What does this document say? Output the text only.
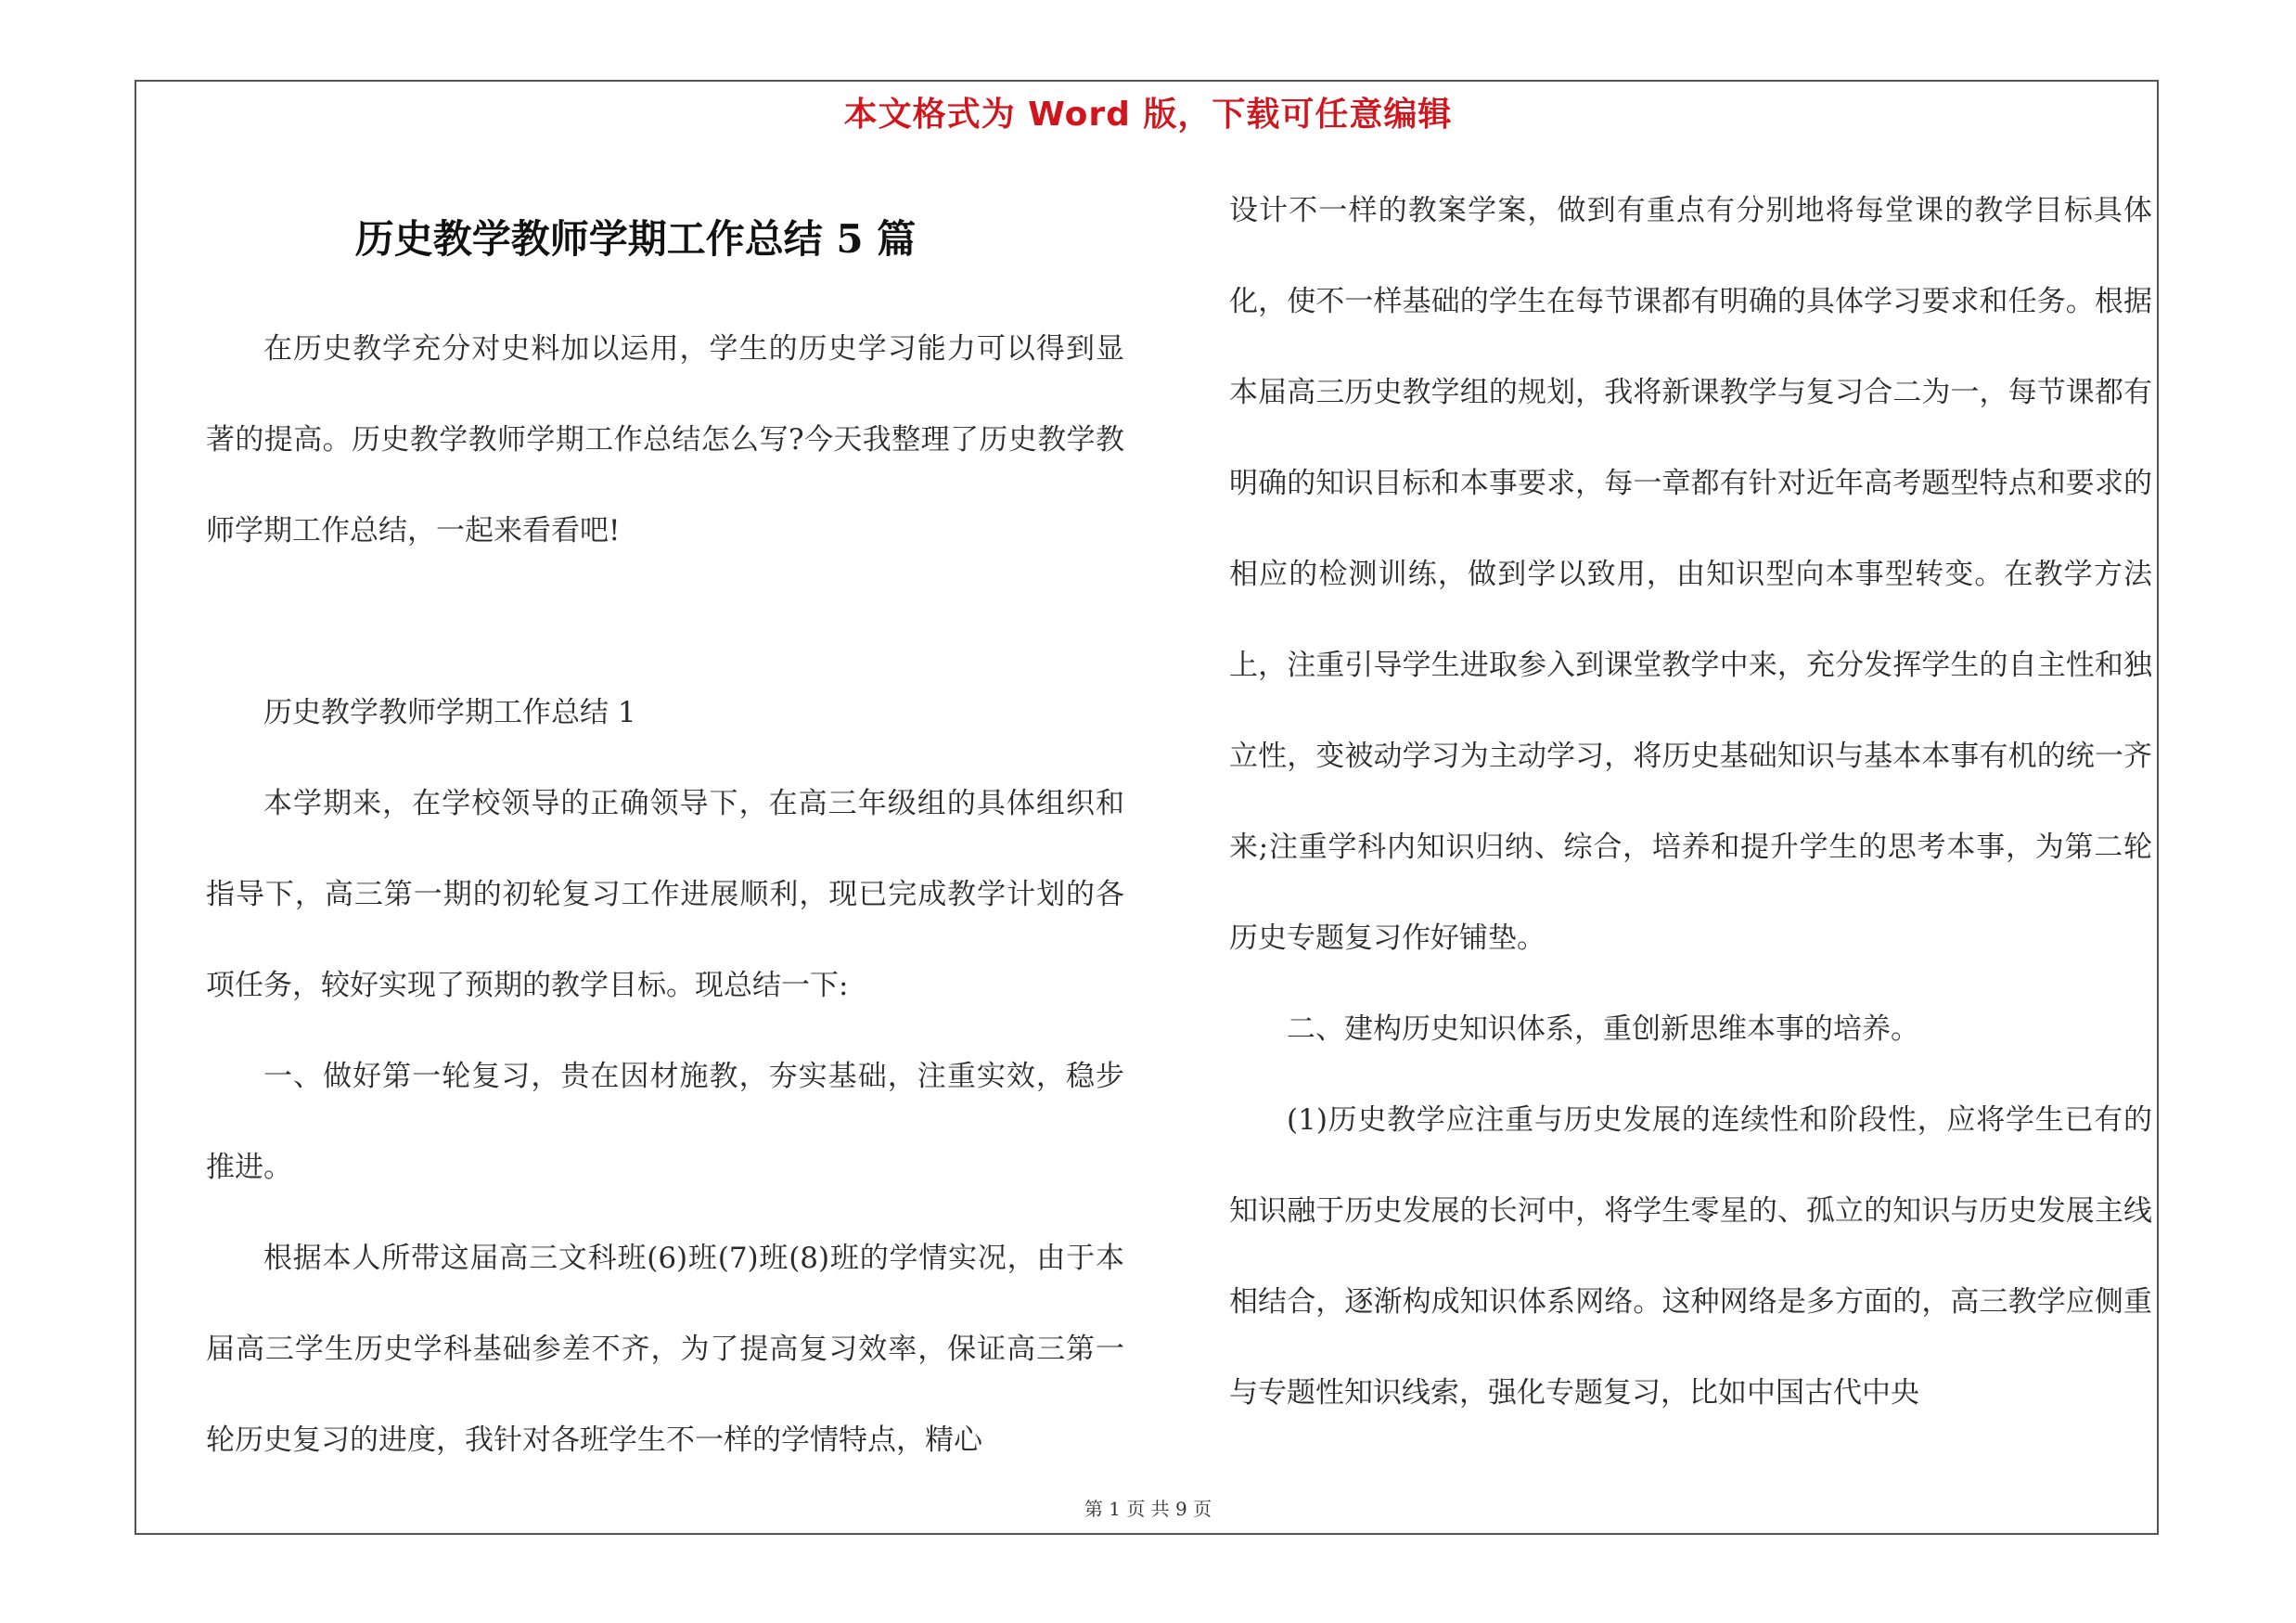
本文格式为 Word 版，下载可任意编辑
历史教学教师学期工作总结 5 篇

在历史教学充分对史料加以运用，学生的历史学习能力可以得到显著的提高。历史教学教师学期工作总结怎么写?今天我整理了历史教学教师学期工作总结，一起来看看吧!

历史教学教师学期工作总结 1

本学期来，在学校领导的正确领导下，在高三年级组的具体组织和指导下，高三第一期的初轮复习工作进展顺利，现已完成教学计划的各项任务，较好实现了预期的教学目标。现总结一下:

一、做好第一轮复习，贵在因材施教，夯实基础，注重实效，稳步推进。

根据本人所带这届高三文科班(6)班(7)班(8)班的学情实况，由于本届高三学生历史学科基础参差不齐，为了提高复习效率，保证高三第一轮历史复习的进度，我针对各班学生不一样的学情特点，精心

设计不一样的教案学案，做到有重点有分别地将每堂课的教学目标具体化，使不一样基础的学生在每节课都有明确的具体学习要求和任务。根据本届高三历史教学组的规划，我将新课教学与复习合二为一，每节课都有明确的知识目标和本事要求，每一章都有针对近年高考题型特点和要求的相应的检测训练，做到学以致用，由知识型向本事型转变。在教学方法上，注重引导学生进取参入到课堂教学中来，充分发挥学生的自主性和独立性，变被动学习为主动学习，将历史基础知识与基本本事有机的统一齐来;注重学科内知识归纳、综合，培养和提升学生的思考本事，为第二轮历史专题复习作好铺垫。

二、建构历史知识体系，重创新思维本事的培养。

(1)历史教学应注重与历史发展的连续性和阶段性，应将学生已有的知识融于历史发展的长河中，将学生零星的、孤立的知识与历史发展主线相结合，逐渐构成知识体系网络。这种网络是多方面的，高三教学应侧重与专题性知识线索，强化专题复习，比如中国古代中央

第 1 页 共 9 页
